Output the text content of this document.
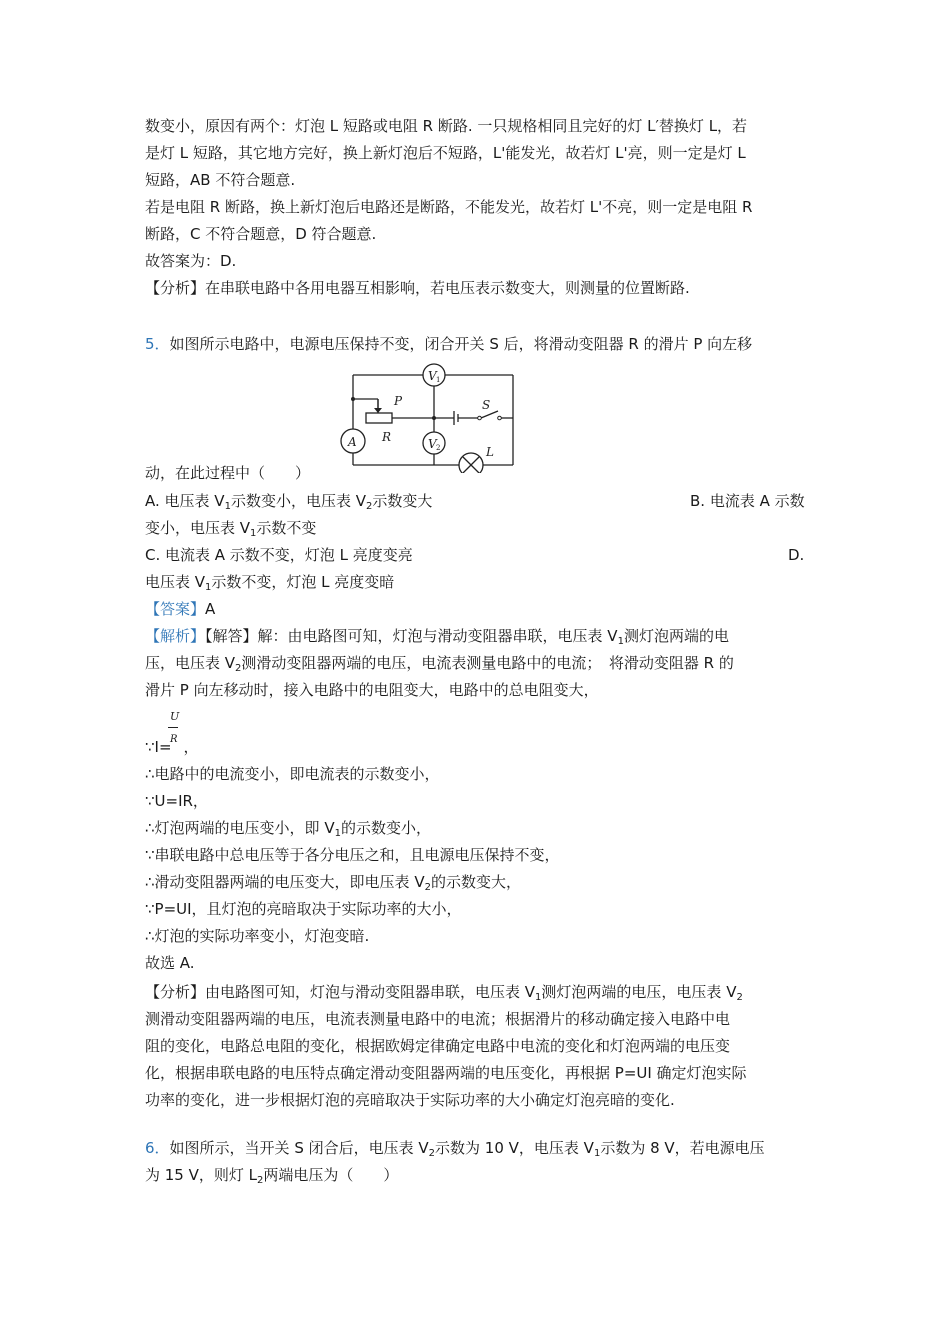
数变小，原因有两个：灯泡 L 短路或电阻 R 断路. 一只规格相同且完好的灯 L′替换灯 L，若
是灯 L 短路，其它地方完好，换上新灯泡后不短路，L'能发光，故若灯 L'亮，则一定是灯 L
短路，AB 不符合题意.
若是电阻 R 断路，换上新灯泡后电路还是断路，不能发光，故若灯 L'不亮，则一定是电阻 R
断路，C 不符合题意，D 符合题意.
故答案为：D.
【分析】在串联电路中各用电器互相影响，若电压表示数变大，则测量的位置断路.
5．如图所示电路中，电源电压保持不变，闭合开关 S 后，将滑动变阻器 R 的滑片 P 向左移
V 1
A	V 2
P
R
S
L
动，在此过程中（　　）
A. 电压表 $V_1$示数变小，电压表 $V_2$示数变大	B. 电流表 A 示数
变小，电压表 $V_1$示数不变
C. 电流表 A 示数不变，灯泡 L 亮度变亮	D.
电压表 $V_1$示数不变，灯泡 L 亮度变暗
【答案】A
【解析】【解答】解：由电路图可知，灯泡与滑动变阻器串联，电压表 $V_1$测灯泡两端的电
压，电压表 $V_2$测滑动变阻器两端的电压，电流表测量电路中的电流；　将滑动变阻器 R 的
滑片 P 向左移动时，接入电路中的电阻变大，电路中的总电阻变大，
U
R
∵I= ，
∴电路中的电流变小，即电流表的示数变小，
∵U=IR，
∴灯泡两端的电压变小，即 $V_1$的示数变小，
∵串联电路中总电压等于各分电压之和，且电源电压保持不变，
∴滑动变阻器两端的电压变大，即电压表 $V_2$的示数变大，
∵P=UI，且灯泡的亮暗取决于实际功率的大小，
∴灯泡的实际功率变小，灯泡变暗.
故选 A.
【分析】由电路图可知，灯泡与滑动变阻器串联，电压表 $V_1$测灯泡两端的电压，电压表 $V_2$
测滑动变阻器两端的电压，电流表测量电路中的电流；根据滑片的移动确定接入电路中电
阻的变化，电路总电阻的变化，根据欧姆定律确定电路中电流的变化和灯泡两端的电压变
化，根据串联电路的电压特点确定滑动变阻器两端的电压变化，再根据 P=UI 确定灯泡实际
功率的变化，进一步根据灯泡的亮暗取决于实际功率的大小确定灯泡亮暗的变化.
6．如图所示，当开关 S 闭合后，电压表 $V_2$示数为 10 V，电压表 $V_1$示数为 8 V，若电源电压
为 15 V，则灯 $L_2$两端电压为（　　）
